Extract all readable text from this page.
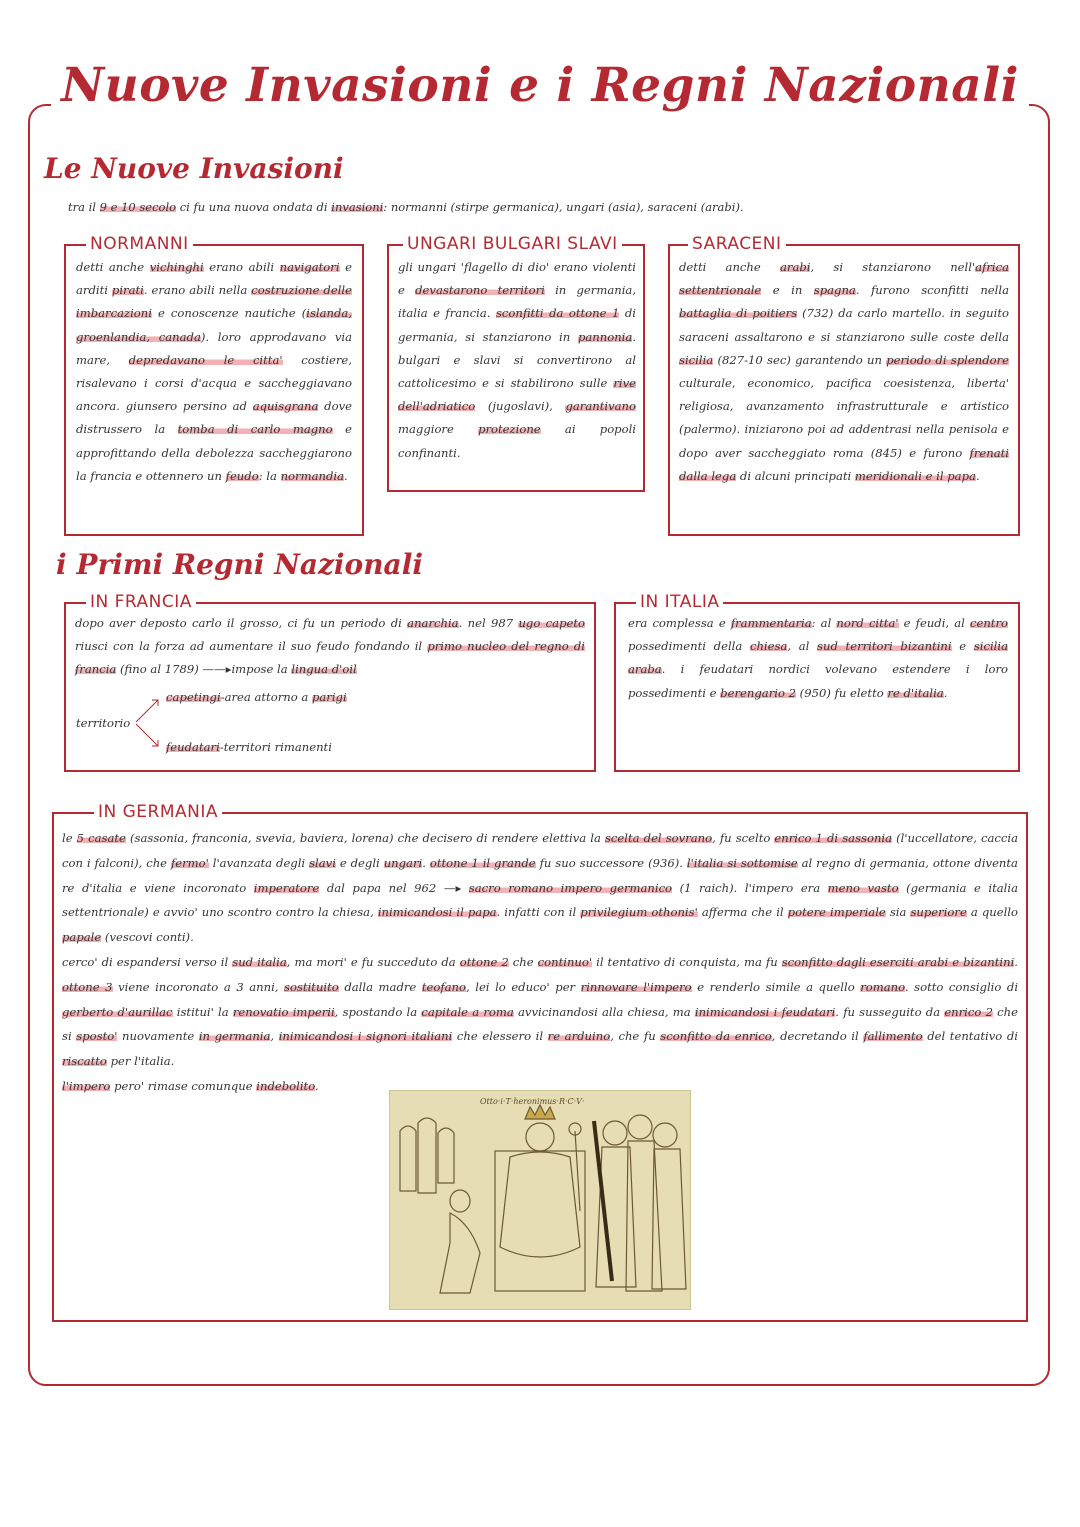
Nuove Invasioni e i Regni Nazionali
Le Nuove Invasioni
tra il 9 e 10 secolo ci fu una nuova ondata di invasioni: normanni (stirpe germanica), ungari (asia), saraceni (arabi).
NORMANNI
detti anche vichinghi erano abili navigatori e arditi pirati. erano abili nella costruzione delle imbarcazioni e conoscenze nautiche (islanda, groenlandia, canada). loro approdavano via mare, depredavano le citta' costiere, risalevano i corsi d'acqua e saccheggiavano ancora. giunsero persino ad aquisgrana dove distrussero la tomba di carlo magno e approfittando della debolezza saccheggiarono la francia e ottennero un feudo: la normandia.
UNGARI BULGARI SLAVI
gli ungari 'flagello di dio' erano violenti e devastarono territori in germania, italia e francia. sconfitti da ottone 1 di germania, si stanziarono in pannonia. bulgari e slavi si convertirono al cattolicesimo e si stabilirono sulle rive dell'adriatico (jugoslavi), garantivano maggiore protezione ai popoli confinanti.
SARACENI
detti anche arabi, si stanziarono nell'africa settentrionale e in spagna. furono sconfitti nella battaglia di poitiers (732) da carlo martello. in seguito saraceni assaltarono e si stanziarono sulle coste della sicilia (827-10 sec) garantendo un periodo di splendore culturale, economico, pacifica coesistenza, liberta' religiosa, avanzamento infrastrutturale e artistico (palermo). iniziarono poi ad addentrasi nella penisola e dopo aver saccheggiato roma (845) e furono frenati dalla lega di alcuni principati meridionali e il papa.
i Primi Regni Nazionali
IN FRANCIA
dopo aver deposto carlo il grosso, ci fu un periodo di anarchia. nel 987 ugo capeto riusci con la forza ad aumentare il suo feudo fondando il primo nucleo del regno di francia (fino al 1789) ——▸impose la lingua d'oil
territorio
capetingi-area attorno a parigi
feudatari-territori rimanenti
IN ITALIA
era complessa e frammentaria: al nord citta' e feudi, al centro possedimenti della chiesa, al sud territori bizantini e sicilia araba. i feudatari nordici volevano estendere i loro possedimenti e berengario 2 (950) fu eletto re d'italia.
IN GERMANIA

le 5 casate (sassonia, franconia, svevia, baviera, lorena) che decisero di rendere elettiva la scelta del sovrano, fu scelto enrico 1 di sassonia (l'uccellatore, caccia con i falconi), che fermo' l'avanzata degli slavi e degli ungari. ottone 1 il grande fu suo successore (936). l'italia si sottomise al regno di germania, ottone diventa re d'italia e viene incoronato imperatore dal papa nel 962 —▸ sacro romano impero germanico (1 raich). l'impero era meno vasto (germania e italia settentrionale) e avvio' uno scontro contro la chiesa, inimicandosi il papa. infatti con il privilegium othonis' afferma che il potere imperiale sia superiore a quello papale (vescovi conti).

cerco' di espandersi verso il sud italia, ma mori' e fu succeduto da ottone 2 che continuo' il tentativo di conquista, ma fu sconfitto dagli eserciti arabi e bizantini. ottone 3 viene incoronato a 3 anni, sostituito dalla madre teofano, lei lo educo' per rinnovare l'impero e renderlo simile a quello romano. sotto consiglio di gerberto d'aurillac istitui' la renovatio imperii, spostando la capitale a roma avvicinandosi alla chiesa, ma inimicandosi i feudatari. fu susseguito da enrico 2 che si sposto' nuovamente in germania, inimicandosi i signori italiani che elessero il re arduino, che fu sconfitto da enrico, decretando il fallimento del tentativo di riscatto per l'italia.

l'impero pero' rimase comunque indebolito.

Otto·i·T·heronimus·R·C·V·
